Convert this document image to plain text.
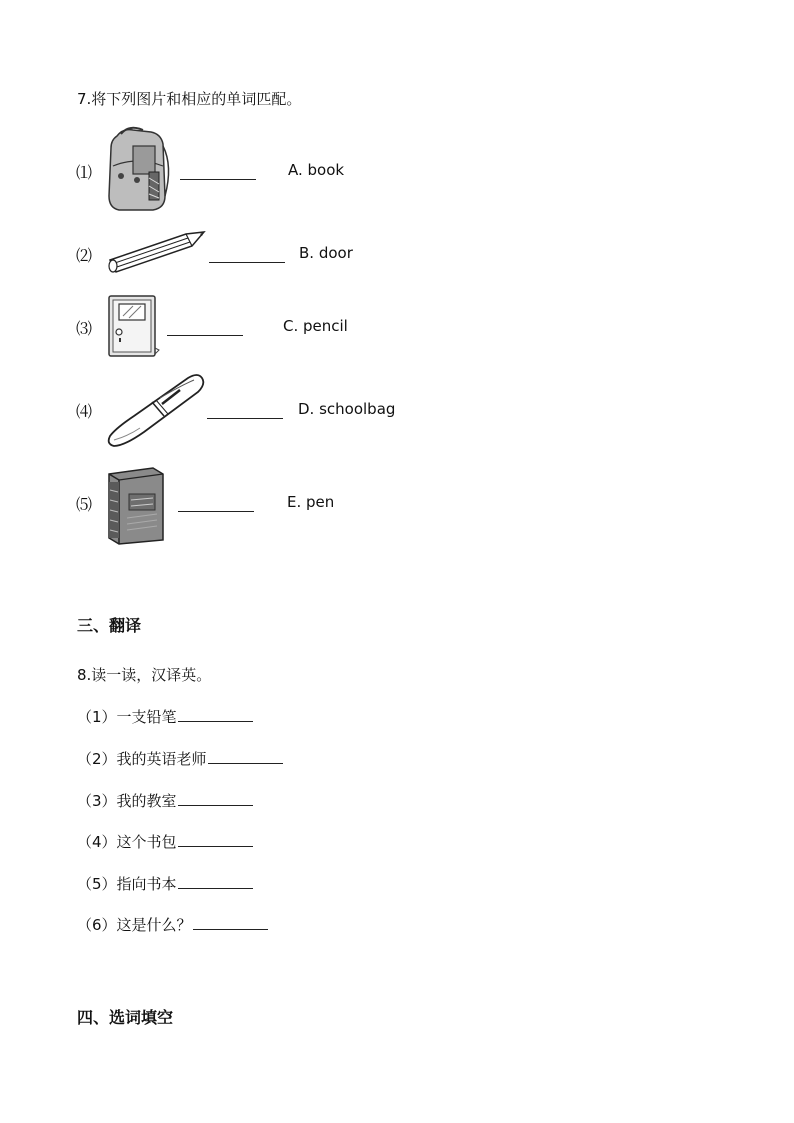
7.将下列图片和相应的单词匹配。
⑴	A. book
⑵	B. door
⑶	C. pencil
⑷	D. schoolbag
⑸	E. pen
三、翻译
8.读一读，汉译英。
（1）一支铅笔
（2）我的英语老师
（3）我的教室
（4）这个书包
（5）指向书本
（6）这是什么？
四、选词填空
